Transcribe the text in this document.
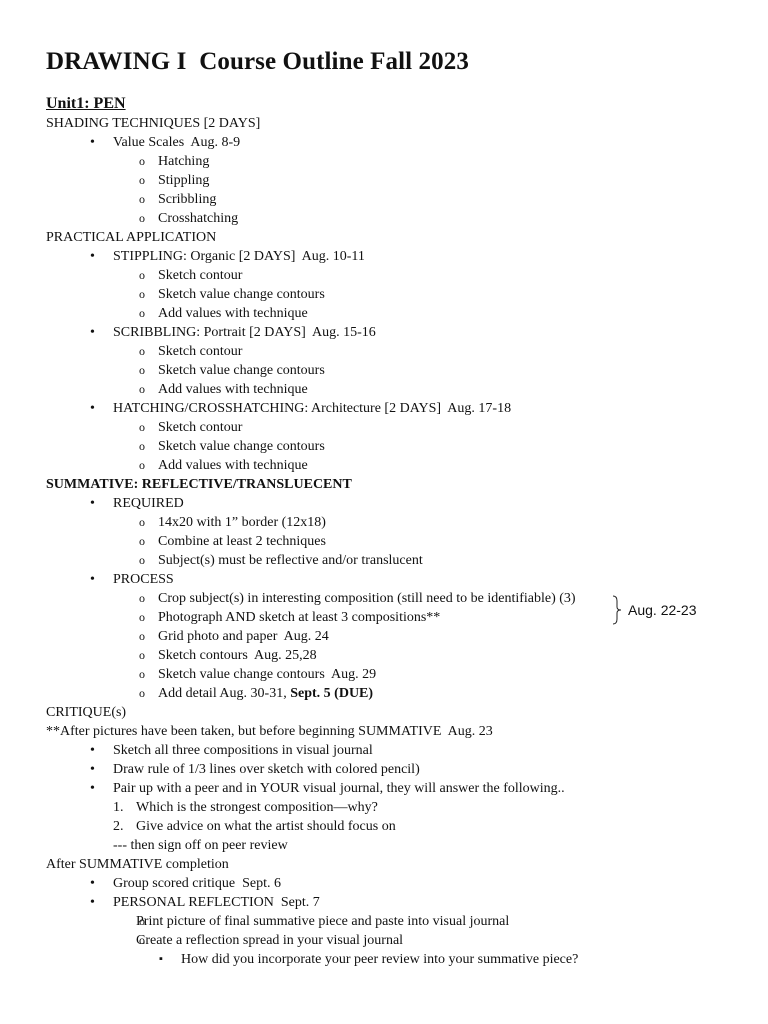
DRAWING I  Course Outline Fall 2023
Unit1: PEN
SHADING TECHNIQUES [2 DAYS]
• Value Scales  Aug. 8-9
o Hatching
o Stippling
o Scribbling
o Crosshatching
PRACTICAL APPLICATION
• STIPPLING: Organic [2 DAYS]  Aug. 10-11
o Sketch contour
o Sketch value change contours
o Add values with technique
• SCRIBBLING: Portrait [2 DAYS]  Aug. 15-16
o Sketch contour
o Sketch value change contours
o Add values with technique
• HATCHING/CROSSHATCHING: Architecture [2 DAYS]  Aug. 17-18
o Sketch contour
o Sketch value change contours
o Add values with technique
SUMMATIVE: REFLECTIVE/TRANSLUECENT
• REQUIRED
o 14x20 with 1” border (12x18)
o Combine at least 2 techniques
o Subject(s) must be reflective and/or translucent
• PROCESS
o Crop subject(s) in interesting composition (still need to be identifiable) (3)
o Photograph AND sketch at least 3 compositions**
o Grid photo and paper  Aug. 24
o Sketch contours  Aug. 25,28
o Sketch value change contours  Aug. 29
o Add detail Aug. 30-31, Sept. 5 (DUE)
CRITIQUE(s)
**After pictures have been taken, but before beginning SUMMATIVE  Aug. 23
• Sketch all three compositions in visual journal
• Draw rule of 1/3 lines over sketch with colored pencil)
• Pair up with a peer and in YOUR visual journal, they will answer the following..
1. Which is the strongest composition—why?
2. Give advice on what the artist should focus on
--- then sign off on peer review
After SUMMATIVE completion
• Group scored critique  Sept. 6
• PERSONAL REFLECTION  Sept. 7
o Print picture of final summative piece and paste into visual journal
o Create a reflection spread in your visual journal
▪ How did you incorporate your peer review into your summative piece?
Aug. 22-23
